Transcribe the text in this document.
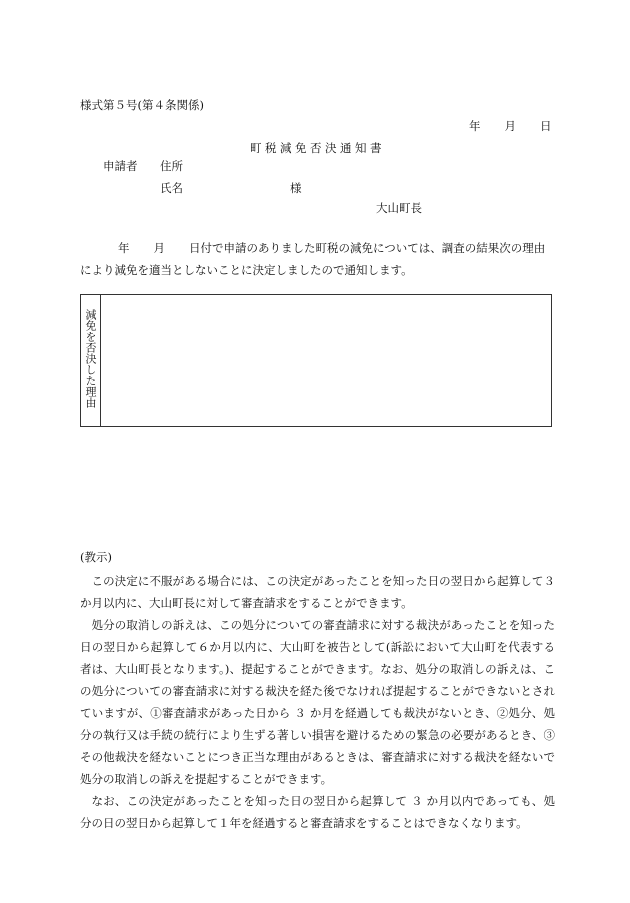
様式第５号(第４条関係)
年 月 日
町税減免否決通知書
申請者 住所
氏名	様
大山町長
年 月 日付で申請のありました町税の減免については、調査の結果次の理由により減免を適当としないことに決定しましたので通知します。
減免を否決した理由
(教示)

この決定に不服がある場合には、この決定があったことを知った日の翌日から起算して３か月以内に、大山町長に対して審査請求をすることができます。

処分の取消しの訴えは、この処分についての審査請求に対する裁決があったことを知った日の翌日から起算して６か月以内に、大山町を被告として(訴訟において大山町を代表する者は、大山町長となります。)、提起することができます。なお、処分の取消しの訴えは、この処分についての審査請求に対する裁決を経た後でなければ提起することができないとされていますが、①審査請求があった日から ３ か月を経過しても裁決がないとき、②処分、処分の執行又は手続の続行により生ずる著しい損害を避けるための緊急の必要があるとき、③その他裁決を経ないことにつき正当な理由があるときは、審査請求に対する裁決を経ないで処分の取消しの訴えを提起することができます。

なお、この決定があったことを知った日の翌日から起算して ３ か月以内であっても、処分の日の翌日から起算して１年を経過すると審査請求をすることはできなくなります。
